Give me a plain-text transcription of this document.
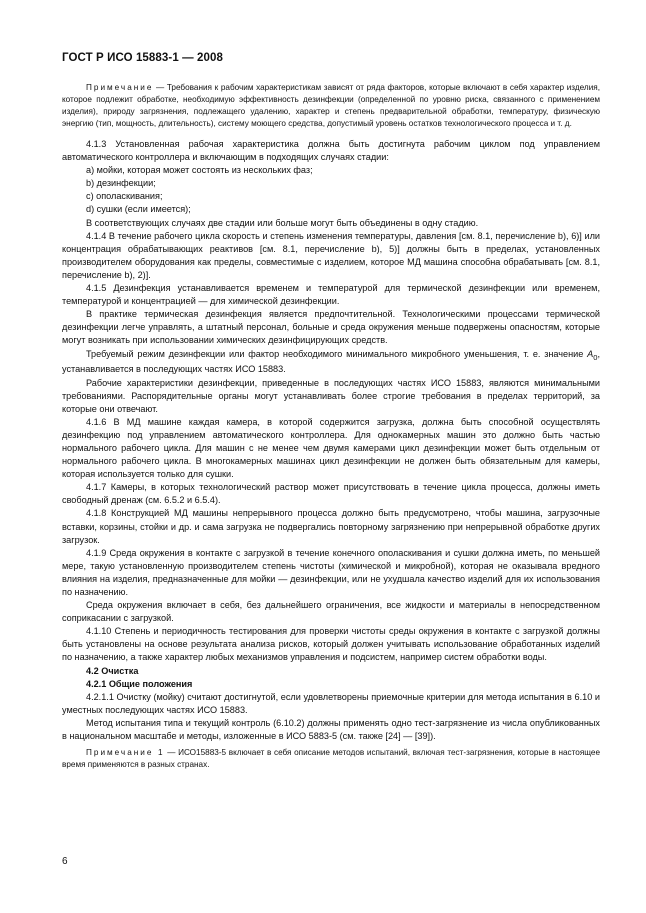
ГОСТ Р ИСО 15883-1 — 2008

Примечание — Требования к рабочим характеристикам зависят от ряда факторов, которые включают в себя характер изделия, которое подлежит обработке, необходимую эффективность дезинфекции (определенной по уровню риска, связанного с применением изделия), природу загрязнения, подлежащего удалению, характер и степень предварительной обработки, температуру, физическую энергию (тип, мощность, длительность), систему моющего средства, допустимый уровень остатков технологического процесса и т. д.

4.1.3 Установленная рабочая характеристика должна быть достигнута рабочим циклом под управлением автоматического контроллера и включающим в подходящих случаях стадии:

a) мойки, которая может состоять из нескольких фаз;

b) дезинфекции;

c) ополаскивания;

d) сушки (если имеется);

В соответствующих случаях две стадии или больше могут быть объединены в одну стадию.

4.1.4 В течение рабочего цикла скорость и степень изменения температуры, давления [см. 8.1, перечисление b), 6)] или концентрация обрабатывающих реактивов [см. 8.1, перечисление b), 5)] должны быть в пределах, установленных производителем оборудования как пределы, совместимые с изделием, которое МД машина способна обрабатывать [см. 8.1, перечисление b), 2)].

4.1.5 Дезинфекция устанавливается временем и температурой для термической дезинфекции или временем, температурой и концентрацией — для химической дезинфекции.

В практике термическая дезинфекция является предпочтительной. Технологическими процессами термической дезинфекции легче управлять, а штатный персонал, больные и среда окружения меньше подвержены опасностям, которые могут возникать при использовании химических дезинфицирующих средств.

Требуемый режим дезинфекции или фактор необходимого минимального микробного уменьшения, т. е. значение $A_0$, устанавливается в последующих частях ИСО 15883.

Рабочие характеристики дезинфекции, приведенные в последующих частях ИСО 15883, являются минимальными требованиями. Распорядительные органы могут устанавливать более строгие требования в пределах территорий, за которые они отвечают.

4.1.6 В МД машине каждая камера, в которой содержится загрузка, должна быть способной осуществлять дезинфекцию под управлением автоматического контроллера. Для однокамерных машин это должно быть частью нормального рабочего цикла. Для машин с не менее чем двумя камерами цикл дезинфекции может быть отдельным от нормального рабочего цикла. В многокамерных машинах цикл дезинфекции не должен быть обязательным для камеры, которая используется только для сушки.

4.1.7 Камеры, в которых технологический раствор может присутствовать в течение цикла процесса, должны иметь свободный дренаж (см. 6.5.2 и 6.5.4).

4.1.8 Конструкцией МД машины непрерывного процесса должно быть предусмотрено, чтобы машина, загрузочные вставки, корзины, стойки и др. и сама загрузка не подвергались повторному загрязнению при непрерывной обработке других загрузок.

4.1.9 Среда окружения в контакте с загрузкой в течение конечного ополаскивания и сушки должна иметь, по меньшей мере, такую установленную производителем степень чистоты (химической и микробной), которая не оказывала вредного влияния на изделия, предназначенные для мойки — дезинфекции, или не ухудшала качество изделий для их использования по назначению.

Среда окружения включает в себя, без дальнейшего ограничения, все жидкости и материалы в непосредственном соприкасании с загрузкой.

4.1.10 Степень и периодичность тестирования для проверки чистоты среды окружения в контакте с загрузкой должны быть установлены на основе результата анализа рисков, который должен учитывать использование обработанных изделий по назначению, а также характер любых механизмов управления и подсистем, например систем обработки воды.

4.2 Очистка

4.2.1 Общие положения

4.2.1.1 Очистку (мойку) считают достигнутой, если удовлетворены приемочные критерии для метода испытания в 6.10 и уместных последующих частях ИСО 15883.

Метод испытания типа и текущий контроль (6.10.2) должны применять одно тест-загрязнение из числа опубликованных в национальном масштабе и методы, изложенные в ИСО 5883-5 (см. также [24] — [39]).

Примечание 1 — ИСО15883-5 включает в себя описание методов испытаний, включая тест-загрязнения, которые в настоящее время применяются в разных странах.

6
